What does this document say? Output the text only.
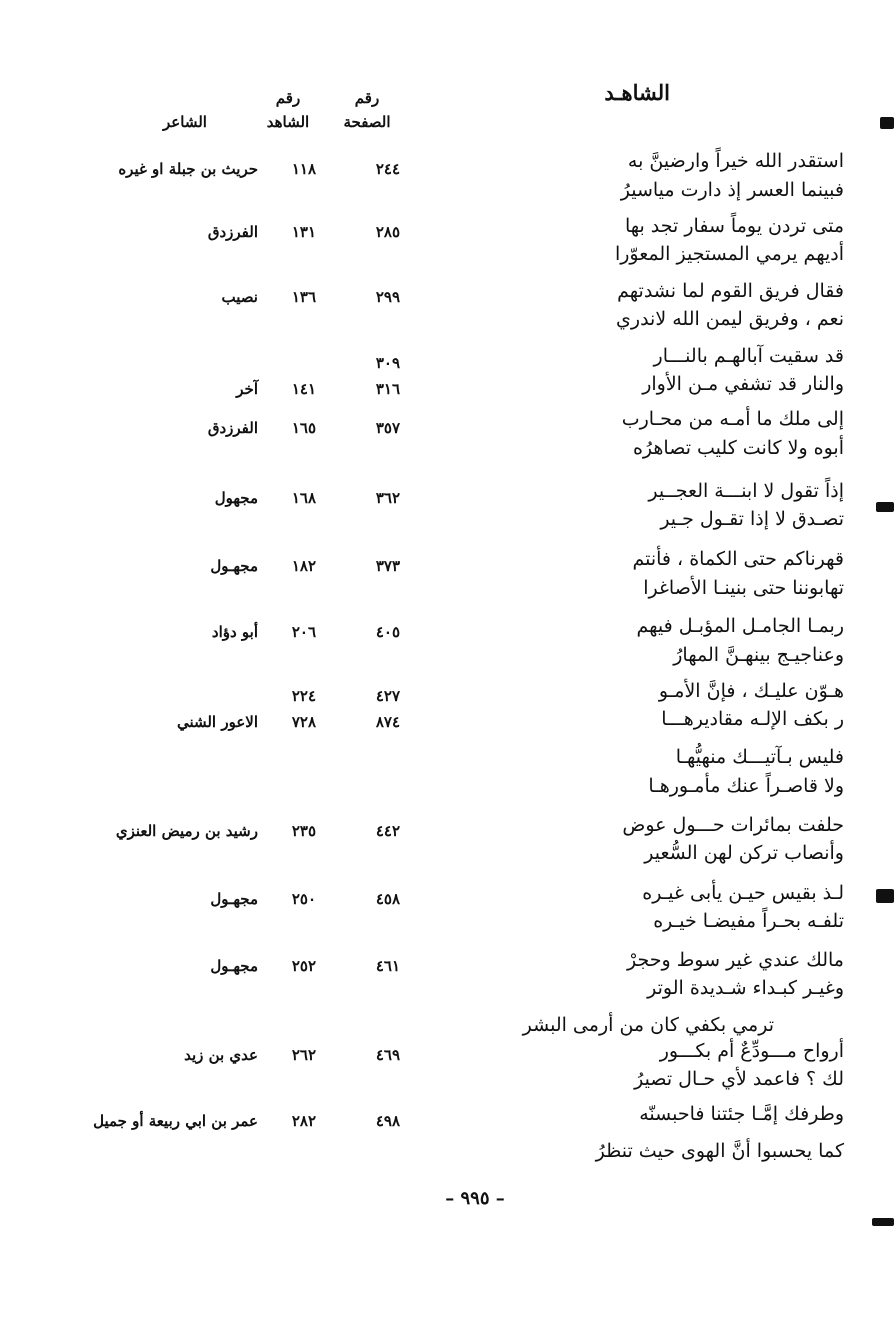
الشاهـد
رقم
الصفحة
رقم
الشاهد
الشاعر
استقدر الله خيراً وارضينَّ به
فبينما العسر إذ دارت مياسيرُ
٢٤٤
١١٨
حريث بن جبلة او غيره
متى تردن يوماً سفار تجد بها
أديهم يرمي المستجيز المعوّرا
٢٨٥
١٣١
الفرزدق
فقال فريق القوم لما نشدتهم
نعم ، وفريق ليمن الله لاندري
٢٩٩
١٣٦
نصيب
قد سقيت آبالهـم بالنـــار
والنار قد تشفي مـن الأوار
٣٠٩
٣١٦
١٤١
آخر
إلى ملك ما أمـه من محـارب
أبوه ولا كانت كليب تصاهرُه
٣٥٧
١٦٥
الفرزدق
إذاً تقول لا ابنـــة العجــير
تصـدق لا إذا تقـول جـير
٣٦٢
١٦٨
مجهول
قهرناكم حتى الكماة ، فأنتم
تهابوننا حتى بنينـا الأصاغرا
٣٧٣
١٨٢
مجهـول
ربمـا الجامـل المؤبـل فيهم
وعناجيـج بينهـنَّ المهارُ
٤٠٥
٢٠٦
أبو دؤاد
هـوّن عليـك ، فإنَّ الأمـو
ر بكف الإلـه مقاديرهـــا
٤٢٧
٢٢٤
٨٧٤
٧٢٨
الاعور الشني
فليس بـآتيـــك منهيُّهـا
ولا قاصـراً عنك مأمـورهـا
حلفت بمائرات حـــول عوض
وأنصاب تركن لهن السُّعير
٤٤٢
٢٣٥
رشيد بن رميض العنزي
لـذ بقيس حيـن يأبى غيـره
تلفـه بحـراً مفيضـا خيـره
٤٥٨
٢٥٠
مجهـول
مالك عندي غير سوط وحجرْ
وغيـر كبـداء شـديدة الوتر
ترمي بكفي كان من أرمى البشر
٤٦١
٢٥٢
مجهـول
أرواح مـــودِّعٌ أم بكـــور
لك ؟ فاعمد لأي حـال تصيرُ
٤٦٩
٢٦٢
عدي بن زيد
وطرفك إمَّـا جئتنا فاحبسنّه
كما يحسبوا أنَّ الهوى حيث تنظرُ
٤٩٨
٢٨٢
عمر بن ابي ربيعة أو جميل
– ٩٩٥ –
